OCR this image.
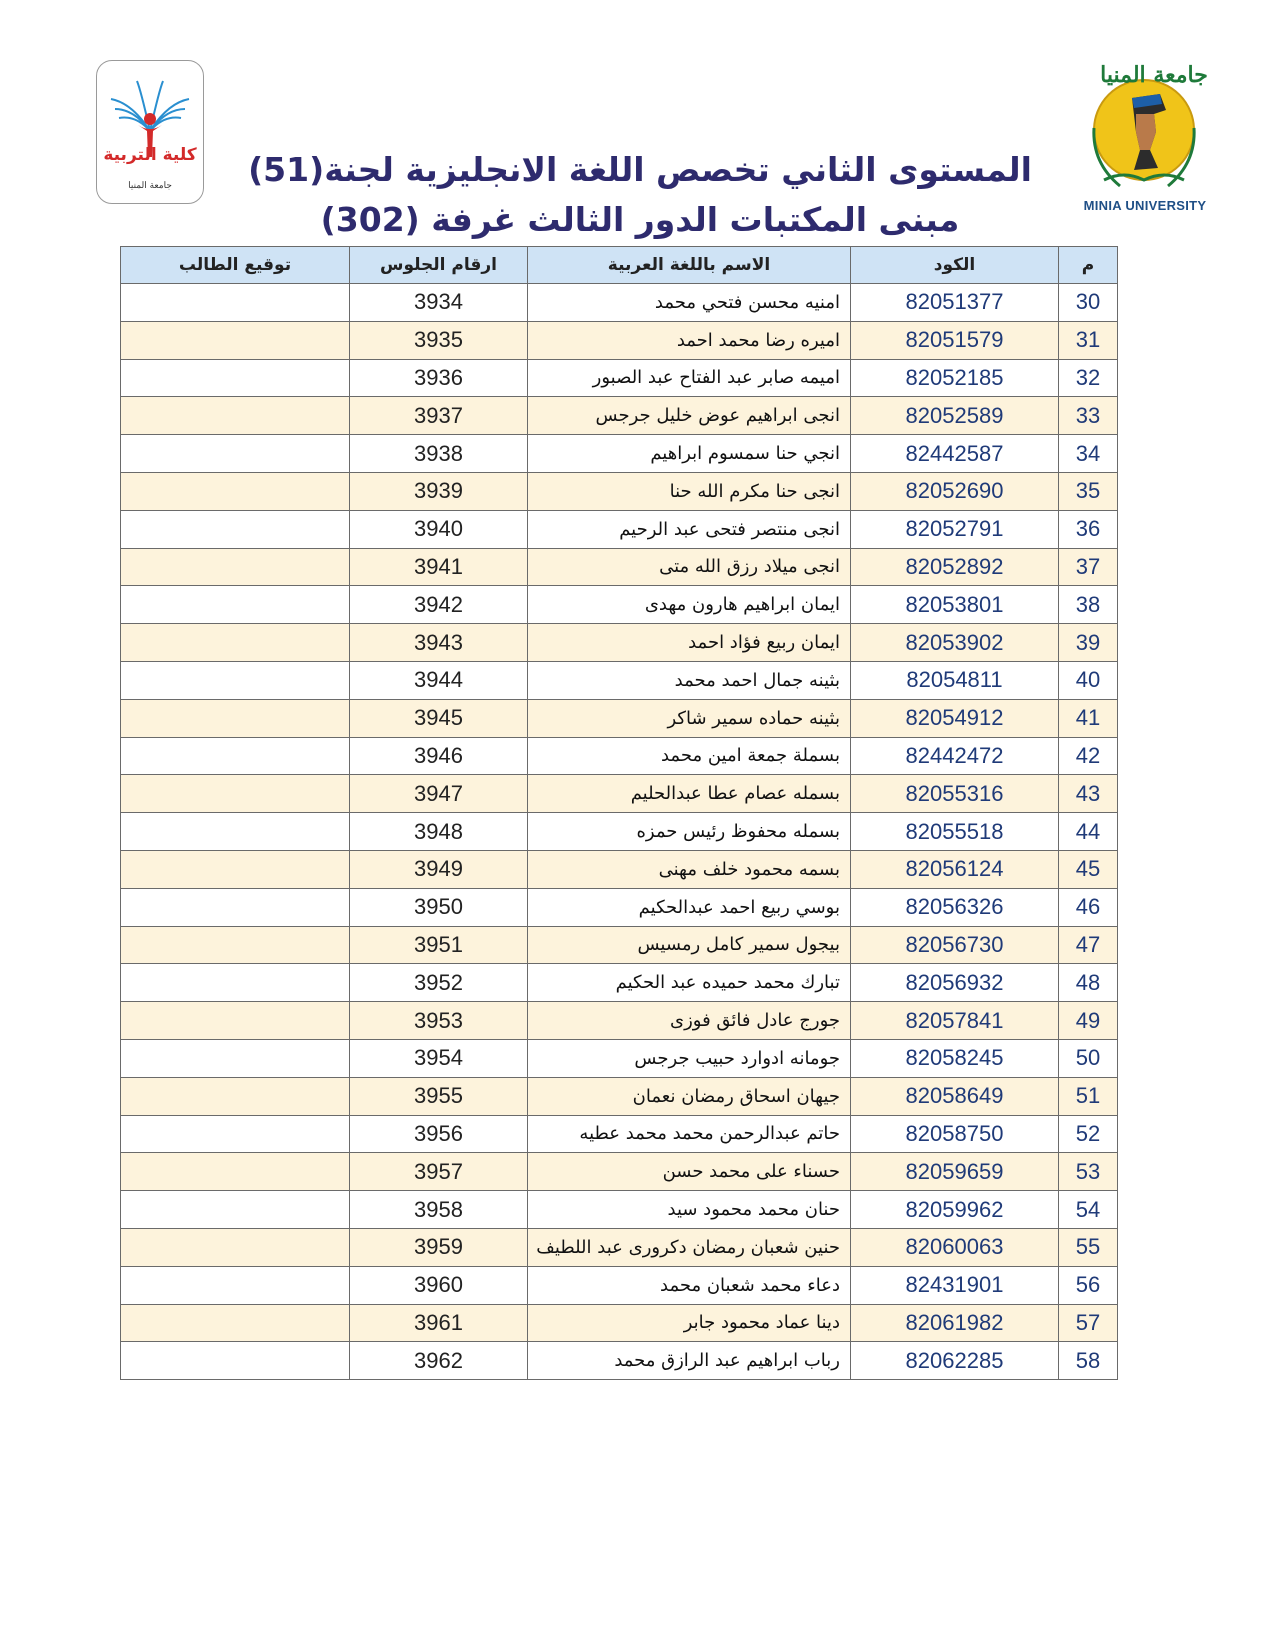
كلية التربية
جامعة المنيا
جامعة المنيا
MINIA UNIVERSITY
المستوى الثاني تخصص اللغة الانجليزية لجنة(51)
مبنى المكتبات الدور الثالث غرفة (302)
م	الكود	الاسم باللغة العربية	ارقام الجلوس	توقيع الطالب
30	82051377	امنيه محسن فتحي محمد	3934	
31	82051579	اميره رضا محمد احمد	3935	
32	82052185	اميمه صابر عبد الفتاح عبد الصبور	3936	
33	82052589	انجى ابراهيم عوض خليل جرجس	3937	
34	82442587	انجي حنا سمسوم ابراهيم	3938	
35	82052690	انجى حنا مكرم الله حنا	3939	
36	82052791	انجى منتصر فتحى عبد الرحيم	3940	
37	82052892	انجى ميلاد رزق الله متى	3941	
38	82053801	ايمان ابراهيم هارون مهدى	3942	
39	82053902	ايمان ربيع فؤاد احمد	3943	
40	82054811	بثينه جمال احمد محمد	3944	
41	82054912	بثينه حماده سمير شاكر	3945	
42	82442472	بسملة جمعة امين محمد	3946	
43	82055316	بسمله عصام عطا عبدالحليم	3947	
44	82055518	بسمله محفوظ رئيس حمزه	3948	
45	82056124	بسمه محمود خلف مهنى	3949	
46	82056326	بوسي ربيع احمد عبدالحكيم	3950	
47	82056730	بيجول سمير كامل رمسيس	3951	
48	82056932	تبارك محمد حميده عبد الحكيم	3952	
49	82057841	جورج عادل فائق فوزى	3953	
50	82058245	جومانه ادوارد حبيب جرجس	3954	
51	82058649	جيهان اسحاق رمضان نعمان	3955	
52	82058750	حاتم عبدالرحمن محمد محمد عطيه	3956	
53	82059659	حسناء على محمد حسن	3957	
54	82059962	حنان محمد محمود سيد	3958	
55	82060063	حنين شعبان رمضان دكرورى عبد اللطيف	3959	
56	82431901	دعاء محمد شعبان محمد	3960	
57	82061982	دينا عماد محمود جابر	3961	
58	82062285	رباب ابراهيم عبد الرازق محمد	3962	
